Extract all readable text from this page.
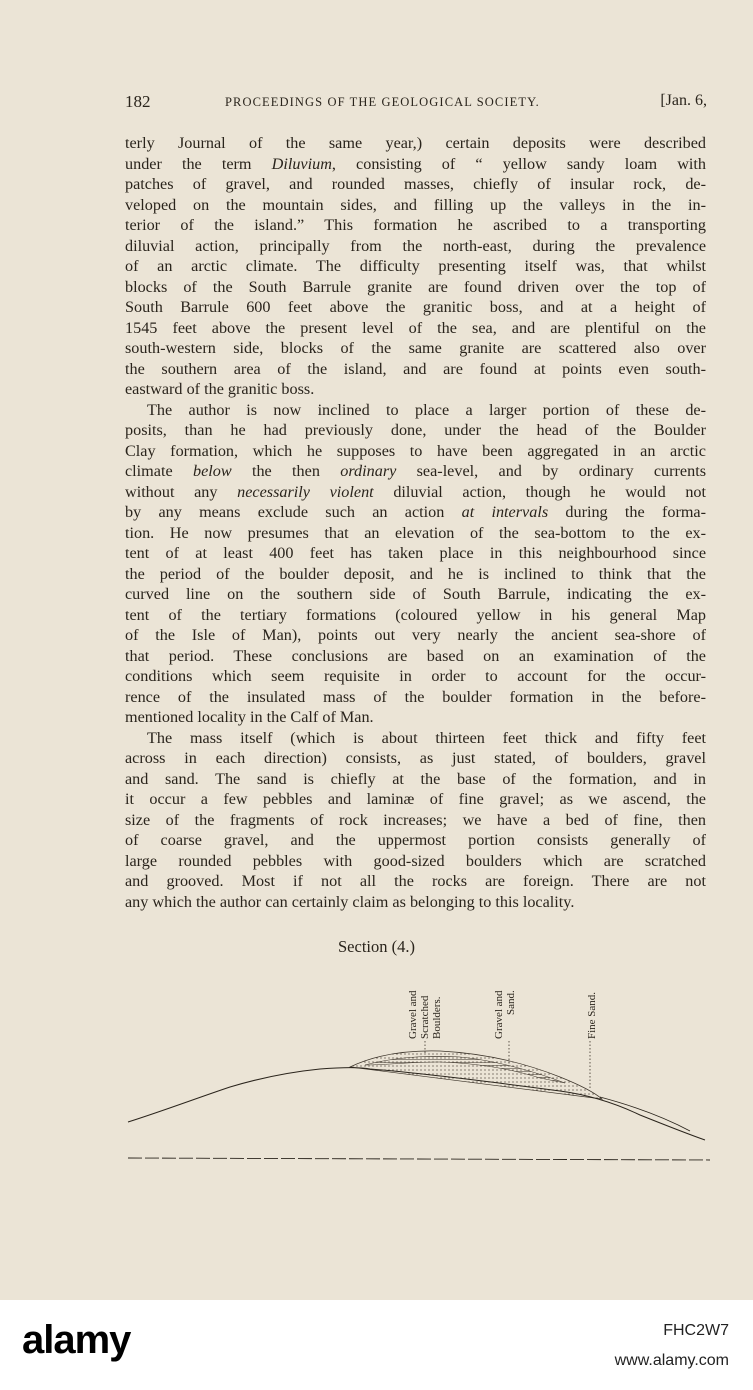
182	PROCEEDINGS OF THE GEOLOGICAL SOCIETY.	[Jan. 6,
terly Journal of the same year,) certain deposits were described
under the term Diluvium, consisting of “ yellow sandy loam with
patches of gravel, and rounded masses, chiefly of insular rock, de-
veloped on the mountain sides, and filling up the valleys in the in-
terior of the island.” This formation he ascribed to a transporting
diluvial action, principally from the north-east, during the prevalence
of an arctic climate. The difficulty presenting itself was, that whilst
blocks of the South Barrule granite are found driven over the top of
South Barrule 600 feet above the granitic boss, and at a height of
1545 feet above the present level of the sea, and are plentiful on the
south-western side, blocks of the same granite are scattered also over
the southern area of the island, and are found at points even south-
eastward of the granitic boss.
The author is now inclined to place a larger portion of these de-
posits, than he had previously done, under the head of the Boulder
Clay formation, which he supposes to have been aggregated in an arctic
climate below the then ordinary sea-level, and by ordinary currents
without any necessarily violent diluvial action, though he would not
by any means exclude such an action at intervals during the forma-
tion. He now presumes that an elevation of the sea-bottom to the ex-
tent of at least 400 feet has taken place in this neighbourhood since
the period of the boulder deposit, and he is inclined to think that the
curved line on the southern side of South Barrule, indicating the ex-
tent of the tertiary formations (coloured yellow in his general Map
of the Isle of Man), points out very nearly the ancient sea-shore of
that period. These conclusions are based on an examination of the
conditions which seem requisite in order to account for the occur-
rence of the insulated mass of the boulder formation in the before-
mentioned locality in the Calf of Man.
The mass itself (which is about thirteen feet thick and fifty feet
across in each direction) consists, as just stated, of boulders, gravel
and sand. The sand is chiefly at the base of the formation, and in
it occur a few pebbles and laminæ of fine gravel; as we ascend, the
size of the fragments of rock increases; we have a bed of fine, then
of coarse gravel, and the uppermost portion consists generally of
large rounded pebbles with good-sized boulders which are scratched
and grooved. Most if not all the rocks are foreign. There are not
any which the author can certainly claim as belonging to this locality.
Section (4.)
Gravel and Scratched Boulders.	Gravel and Sand.	Fine Sand.
alamy	FHC2W7
www.alamy.com
